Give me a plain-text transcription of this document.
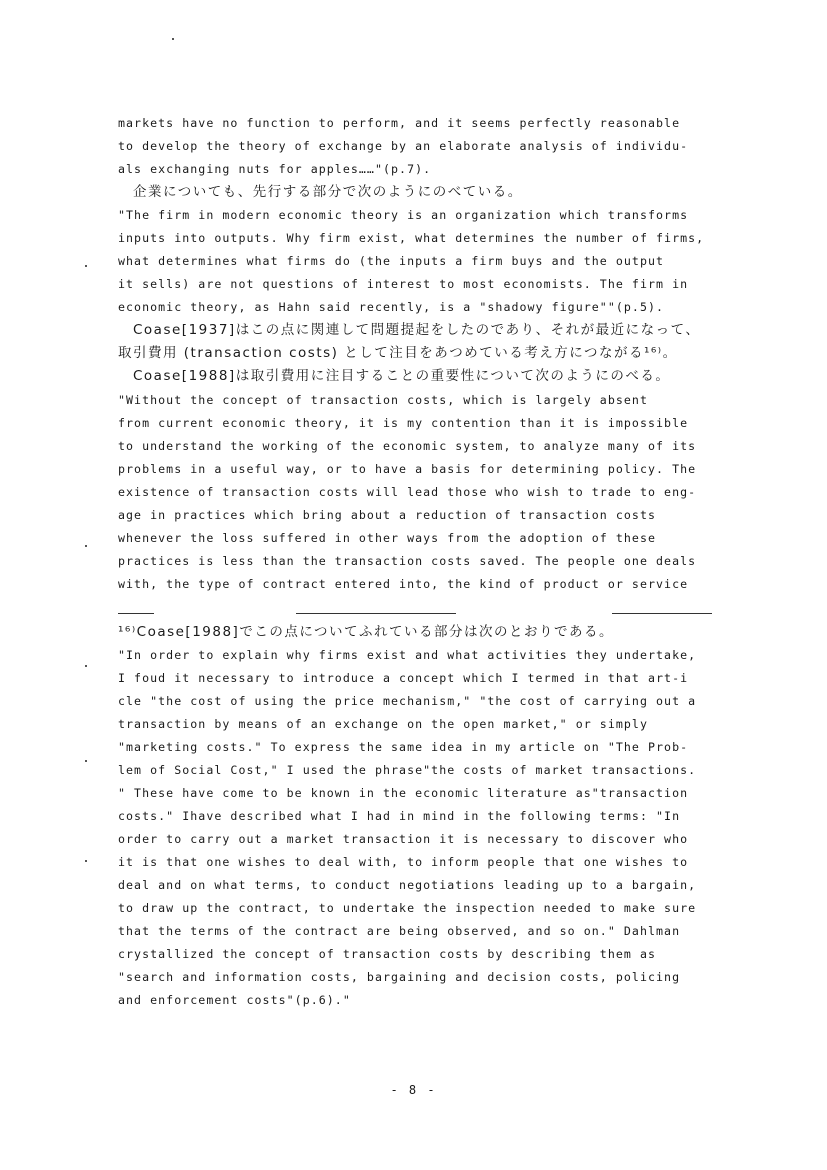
markets have no function to perform, and it seems perfectly reasonable
to develop the theory of exchange by an elaborate analysis of individu-
als exchanging nuts for apples……"(p.7).
　企業についても、先行する部分で次のようにのべている。
"The firm in modern economic theory is an organization which transforms
inputs into outputs. Why firm exist, what determines the number of firms,
what determines what firms do (the inputs a firm buys and the output
it sells) are not questions of interest to most economists. The firm in
economic theory, as Hahn said recently, is a "shadowy figure""(p.5).
　Coase[1937]はこの点に関連して問題提起をしたのであり、それが最近になって、
取引費用 (transaction costs) として注目をあつめている考え方につながる¹⁶⁾。
　Coase[1988]は取引費用に注目することの重要性について次のようにのべる。
"Without the concept of transaction costs, which is largely absent
from current economic theory, it is my contention than it is impossible
to understand the working of the economic system, to analyze many of its
problems in a useful way, or to have a basis for determining policy. The
existence of transaction costs will lead those who wish to trade to eng-
age in practices which bring about a reduction of transaction costs
whenever the loss suffered in other ways from the adoption of these
practices is less than the transaction costs saved. The people one deals
with, the type of contract entered into, the kind of product or service
¹⁶⁾Coase[1988]でこの点についてふれている部分は次のとおりである。
"In order to explain why firms exist and what activities they undertake,
I foud it necessary to introduce a concept which I termed in that art-i
cle "the cost of using the price mechanism," "the cost of carrying out a
transaction by means of an exchange on the open market," or simply
"marketing costs." To express the same idea in my article on "The Prob-
lem of Social Cost," I used the phrase"the costs of market transactions.
" These have come to be known in the economic literature as"transaction
costs." Ihave described what I had in mind in the following terms: "In
order to carry out a market transaction it is necessary to discover who
it is that one wishes to deal with, to inform people that one wishes to
deal and on what terms, to conduct negotiations leading up to a bargain,
to draw up the contract, to undertake the inspection needed to make sure
that the terms of the contract are being observed, and so on." Dahlman
crystallized the concept of transaction costs by describing them as
"search and information costs, bargaining and decision costs, policing
and enforcement costs"(p.6)."
- 8 -
